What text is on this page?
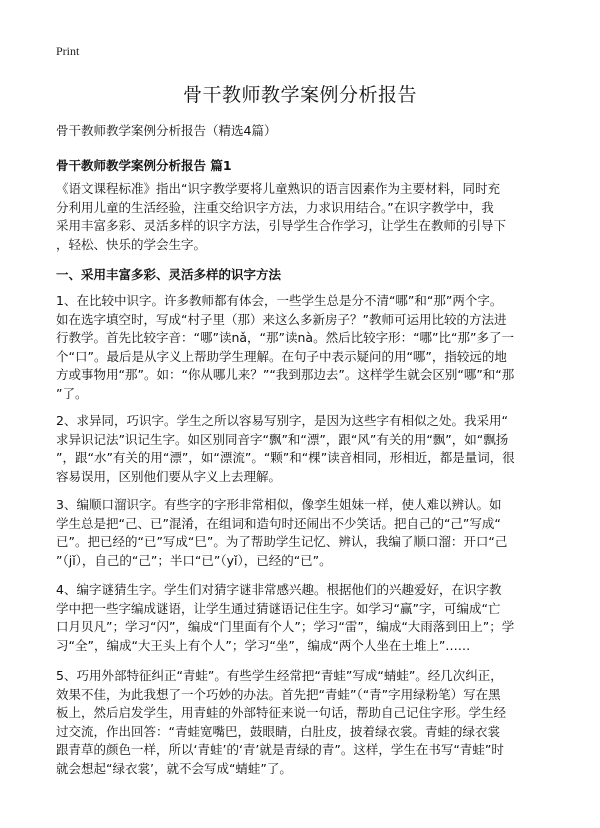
Print
骨干教师教学案例分析报告

骨干教师教学案例分析报告（精选4篇）

骨干教师教学案例分析报告 篇1

《语文课程标准》指出“识字教学要将儿童熟识的语言因素作为主要材料，同时充
分利用儿童的生活经验，注重交给识字方法，力求识用结合。”在识字教学中，我
采用丰富多彩、灵活多样的识字方法，引导学生合作学习，让学生在教师的引导下
，轻松、快乐的学会生字。

一、采用丰富多彩、灵活多样的识字方法

1、在比较中识字。许多教师都有体会，一些学生总是分不清“哪”和“那”两个字。
如在选字填空时，写成“村子里（那）来这么多新房子？”教师可运用比较的方法进
行教学。首先比较字音：“哪”读nǎ，“那”读nà。然后比较字形：“哪”比“那”多了一
个“口”。最后是从字义上帮助学生理解。在句子中表示疑问的用“哪”，指较远的地
方或事物用“那”。如：“你从哪儿来？”“我到那边去”。这样学生就会区别“哪”和“那
”了。
2、求异同，巧识字。学生之所以容易写别字，是因为这些字有相似之处。我采用“
求异识记法”识记生字。如区别同音字“飘”和“漂”，跟“风”有关的用“飘”，如“飘扬
”，跟“水”有关的用“漂”，如“漂流”。“颗”和“棵”读音相同，形相近，都是量词，很
容易误用，区别他们要从字义上去理解。
3、编顺口溜识字。有些字的字形非常相似，像孪生姐妹一样，使人难以辨认。如
学生总是把“己、已”混淆，在组词和造句时还闹出不少笑话。把自己的“己”写成“
已”。把已经的“已”写成“巳”。为了帮助学生记忆、辨认，我编了顺口溜：开口“己
”（jǐ），自己的“己”；半口“已”（yǐ），已经的“已”。
4、编字谜猜生字。学生们对猜字谜非常感兴趣。根据他们的兴趣爱好，在识字教
学中把一些字编成谜语，让学生通过猜谜语记住生字。如学习“赢”字，可编成“亡
口月贝凡”；学习“闪”，编成“门里面有个人”；学习“雷”，编成“大雨落到田上”；学
习“全”，编成“大王头上有个人”；学习“坐”，编成“两个人坐在土堆上”……
5、巧用外部特征纠正“青蛙”。有些学生经常把“青蛙”写成“蜻蛙”。经几次纠正，
效果不佳，为此我想了一个巧妙的办法。首先把“青蛙”（“青”字用绿粉笔）写在黑
板上，然后启发学生，用青蛙的外部特征来说一句话，帮助自己记住字形。学生经
过交流，作出回答：“青蛙宽嘴巴，鼓眼睛，白肚皮，披着绿衣裳。青蛙的绿衣裳
跟青草的颜色一样，所以‘青蛙’的‘青’就是青绿的青”。这样，学生在书写“青蛙”时
就会想起“绿衣裳’，就不会写成“蜻蛙”了。
